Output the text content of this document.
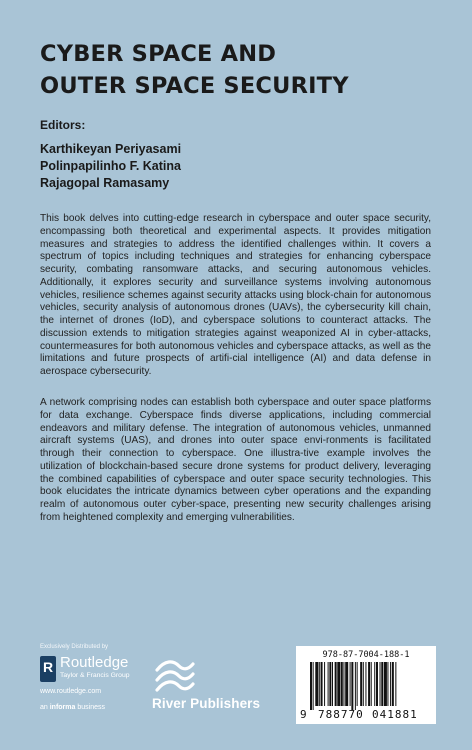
CYBER SPACE AND
OUTER SPACE SECURITY
Editors:
Karthikeyan Periyasami
Polinpapilinho F. Katina
Rajagopal Ramasamy

This book delves into cutting-edge research in cyberspace and outer space security, encompassing both theoretical and experimental aspects. It provides mitigation measures and strategies to address the identified challenges within. It covers a spectrum of topics including techniques and strategies for enhancing cyberspace security, combating ransomware attacks, and securing autonomous vehicles. Additionally, it explores security and surveillance systems involving autonomous vehicles, resilience schemes against security attacks using block-chain for autonomous vehicles, security analysis of autonomous drones (UAVs), the cybersecurity kill chain, the internet of drones (IoD), and cyberspace solutions to counteract attacks. The discussion extends to mitigation strategies against weaponized AI in cyber-attacks, countermeasures for both autonomous vehicles and cyberspace attacks, as well as the limitations and future prospects of artifi-cial intelligence (AI) and data defense in aerospace cybersecurity.

A network comprising nodes can establish both cyberspace and outer space platforms for data exchange. Cyberspace finds diverse applications, including commercial endeavors and military defense. The integration of autonomous vehicles, unmanned aircraft systems (UAS), and drones into outer space envi-ronments is facilitated through their connection to cyberspace. One illustra-tive example involves the utilization of blockchain-based secure drone systems for product delivery, leveraging the combined capabilities of cyberspace and outer space security technologies. This book elucidates the intricate dynamics between cyber operations and the expanding realm of autonomous outer cyber-space, presenting new security challenges arising from heightened complexity and emerging vulnerabilities.

Exclusively Distributed by
R Routledge
Taylor & Francis Group
www.routledge.com
an informa business	River Publishers
978-87-7004-188-1
9 788770 041881
